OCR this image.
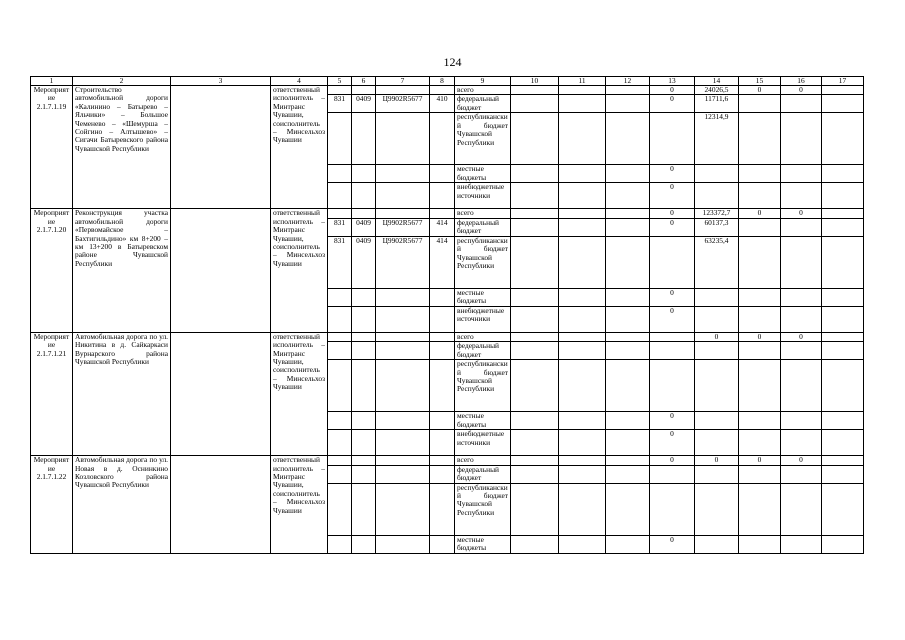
124
1	2	3	4	5	6	7	8	9	10	11	12	13	14	15	16	17
Мероприятие 2.1.7.1.19	Строительство автомобильной дороги «Калинино – Батырево – Яльчики» – Большое Чеменево – «Шемурша – Сойгино – Алтышево» – Сигачи Батыревского района Чувашской Республики		ответственный исполнитель – Минтранс Чувашии, соисполнитель – Минсельхоз Чувашии					всего				0	24026,5	0	0	
				831	0409	Ц9902R5677	410	федеральный бюджет				0	11711,6			
								республиканский бюджет Чувашской Республики					12314,9			
								местные бюджеты				0				
								внебюджетные источники				0				
Мероприятие 2.1.7.1.20	Реконструкция участка автомобильной дороги «Первомайское – Бахтигильдино» км 8+200 – км 13+200 в Батыревском районе Чувашской Республики		ответственный исполнитель – Минтранс Чувашии, соисполнитель – Минсельхоз Чувашии					всего				0	123372,7	0	0	
				831	0409	Ц9902R5677	414	федеральный бюджет				0	60137,3			
				831	0409	Ц9902R5677	414	республиканский бюджет Чувашской Республики					63235,4			
								местные бюджеты				0				
								внебюджетные источники				0				
Мероприятие 2.1.7.1.21	Автомобильная дорога по ул. Никитина в д. Сайкаркаси Вурнарского района Чувашской Республики		ответственный исполнитель – Минтранс Чувашии, соисполнитель – Минсельхоз Чувашии					всего					0	0	0	
								федеральный бюджет								
								республиканский бюджет Чувашской Республики								
								местные бюджеты				0				
								внебюджетные источники				0				
Мероприятие 2.1.7.1.22	Автомобильная дорога по ул. Новая в д. Оснинкино Козловского района Чувашской Республики		ответственный исполнитель – Минтранс Чувашии, соисполнитель – Минсельхоз Чувашии					всего				0	0	0	0	
								федеральный бюджет								
								республиканский бюджет Чувашской Республики								
								местные бюджеты				0				
